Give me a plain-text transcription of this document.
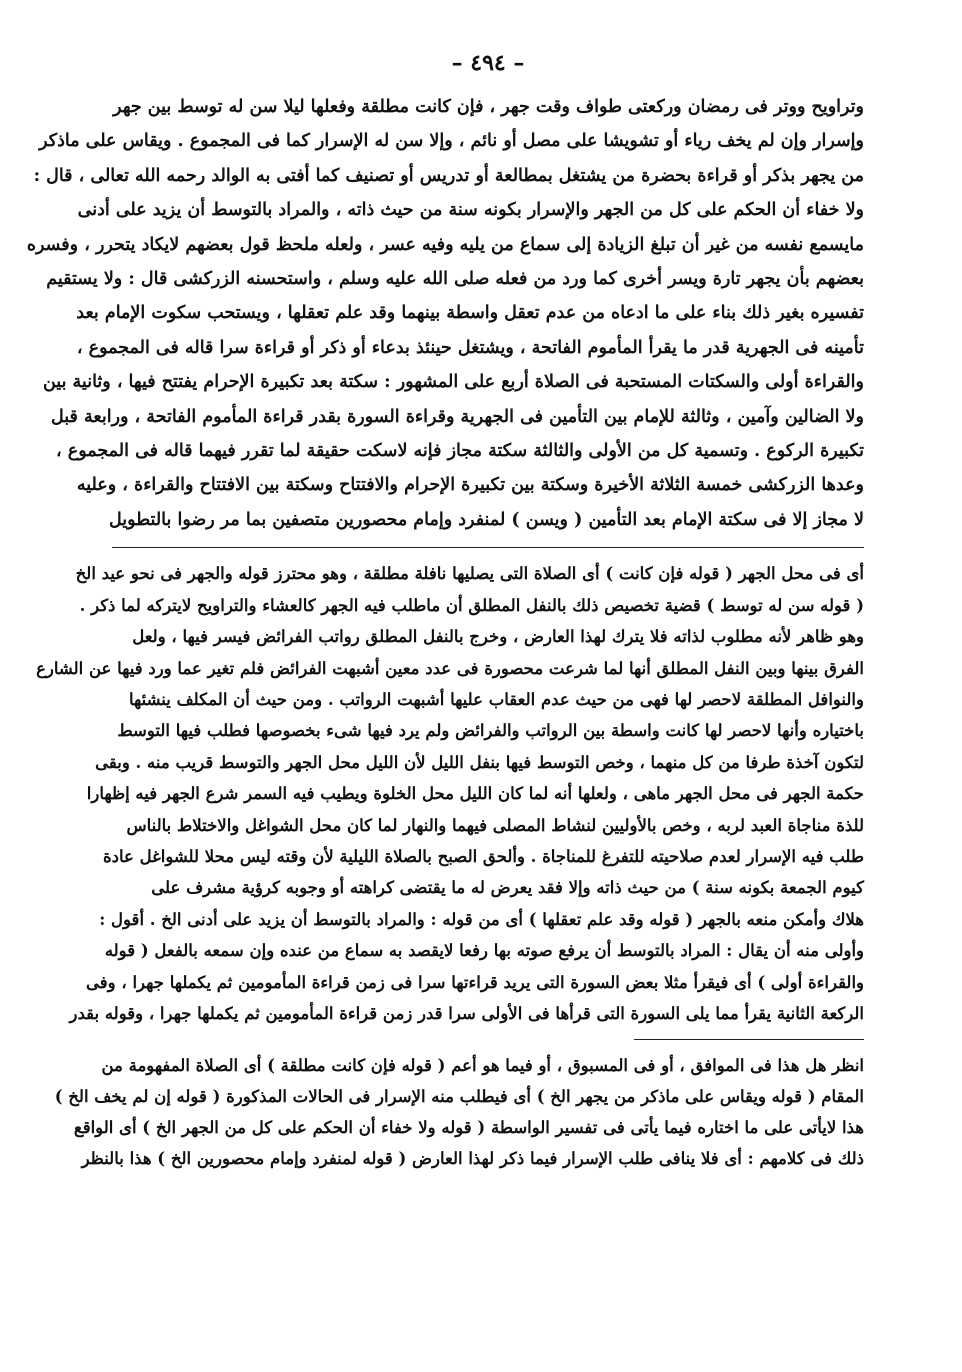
– ٤٩٤ –

وتراويح ووتر فى رمضان وركعتى طواف وقت جهر ، فإن كانت مطلقة وفعلها ليلا سن له توسط بين جهر

وإسرار وإن لم يخف رياء أو تشويشا على مصل أو نائم ، وإلا سن له الإسرار كما فى المجموع . ويقاس على ماذكر

من يجهر بذكر أو قراءة بحضرة من يشتغل بمطالعة أو تدريس أو تصنيف كما أفتى به الوالد رحمه الله تعالى ، قال :

ولا خفاء أن الحكم على كل من الجهر والإسرار بكونه سنة من حيث ذاته ، والمراد بالتوسط أن يزيد على أدنى

مايسمع نفسه من غير أن تبلغ الزيادة إلى سماع من يليه وفيه عسر ، ولعله ملحظ قول بعضهم لايكاد يتحرر ، وفسره

بعضهم بأن يجهر تارة ويسر أخرى كما ورد من فعله صلى الله عليه وسلم ، واستحسنه الزركشى قال : ولا يستقيم

تفسيره بغير ذلك بناء على ما ادعاه من عدم تعقل واسطة بينهما وقد علم تعقلها ، ويستحب سكوت الإمام بعد

تأمينه فى الجهرية قدر ما يقرأ المأموم الفاتحة ، ويشتغل حينئذ بدعاء أو ذكر أو قراءة سرا قاله فى المجموع ،

والقراءة أولى والسكتات المستحبة فى الصلاة أربع على المشهور : سكتة بعد تكبيرة الإحرام يفتتح فيها ، وثانية بين

ولا الضالين وآمين ، وثالثة للإمام بين التأمين فى الجهرية وقراءة السورة بقدر قراءة المأموم الفاتحة ، ورابعة قبل

تكبيرة الركوع . وتسمية كل من الأولى والثالثة سكتة مجاز فإنه لاسكت حقيقة لما تقرر فيهما قاله فى المجموع ،

وعدها الزركشى خمسة الثلاثة الأخيرة وسكتة بين تكبيرة الإحرام والافتتاح وسكتة بين الافتتاح والقراءة ، وعليه

لا مجاز إلا فى سكتة الإمام بعد التأمين ( ويسن ) لمنفرد وإمام محصورين متصفين بما مر رضوا بالتطويل

أى فى محل الجهر ( قوله فإن كانت ) أى الصلاة التى يصليها نافلة مطلقة ، وهو محترز قوله والجهر فى نحو عيد الخ

( قوله سن له توسط ) قضية تخصيص ذلك بالنفل المطلق أن ماطلب فيه الجهر كالعشاء والتراويح لايتركه لما ذكر .

وهو ظاهر لأنه مطلوب لذاته فلا يترك لهذا العارض ، وخرج بالنفل المطلق رواتب الفرائض فيسر فيها ، ولعل

الفرق بينها وبين النفل المطلق أنها لما شرعت محصورة فى عدد معين أشبهت الفرائض فلم تغير عما ورد فيها عن الشارع

والنوافل المطلقة لاحصر لها فهى من حيث عدم العقاب عليها أشبهت الرواتب . ومن حيث أن المكلف ينشئها

باختياره وأنها لاحصر لها كانت واسطة بين الرواتب والفرائض ولم يرد فيها شىء بخصوصها فطلب فيها التوسط

لتكون آخذة طرفا من كل منهما ، وخص التوسط فيها بنفل الليل لأن الليل محل الجهر والتوسط قريب منه . وبقى

حكمة الجهر فى محل الجهر ماهى ، ولعلها أنه لما كان الليل محل الخلوة ويطيب فيه السمر شرع الجهر فيه إظهارا

للذة مناجاة العبد لربه ، وخص بالأوليين لنشاط المصلى فيهما والنهار لما كان محل الشواغل والاختلاط بالناس

طلب فيه الإسرار لعدم صلاحيته للتفرغ للمناجاة . وألحق الصبح بالصلاة الليلية لأن وقته ليس محلا للشواغل عادة

كيوم الجمعة بكونه سنة ) من حيث ذاته وإلا فقد يعرض له ما يقتضى كراهته أو وجوبه كرؤية مشرف على

هلاك وأمكن منعه بالجهر ( قوله وقد علم تعقلها ) أى من قوله : والمراد بالتوسط أن يزيد على أدنى الخ . أقول :

وأولى منه أن يقال : المراد بالتوسط أن يرفع صوته بها رفعا لايقصد به سماع من عنده وإن سمعه بالفعل ( قوله

والقراءة أولى ) أى فيقرأ مثلا بعض السورة التى يريد قراءتها سرا فى زمن قراءة المأمومين ثم يكملها جهرا ، وفى

الركعة الثانية يقرأ مما يلى السورة التى قرأها فى الأولى سرا قدر زمن قراءة المأمومين ثم يكملها جهرا ، وقوله بقدر

انظر هل هذا فى الموافق ، أو فى المسبوق ، أو فيما هو أعم ( قوله فإن كانت مطلقة ) أى الصلاة المفهومة من

المقام ( قوله ويقاس على ماذكر من يجهر الخ ) أى فيطلب منه الإسرار فى الحالات المذكورة ( قوله إن لم يخف الخ )

هذا لايأتى على ما اختاره فيما يأتى فى تفسير الواسطة ( قوله ولا خفاء أن الحكم على كل من الجهر الخ ) أى الواقع

ذلك فى كلامهم : أى فلا ينافى طلب الإسرار فيما ذكر لهذا العارض ( قوله لمنفرد وإمام محصورين الخ ) هذا بالنظر
